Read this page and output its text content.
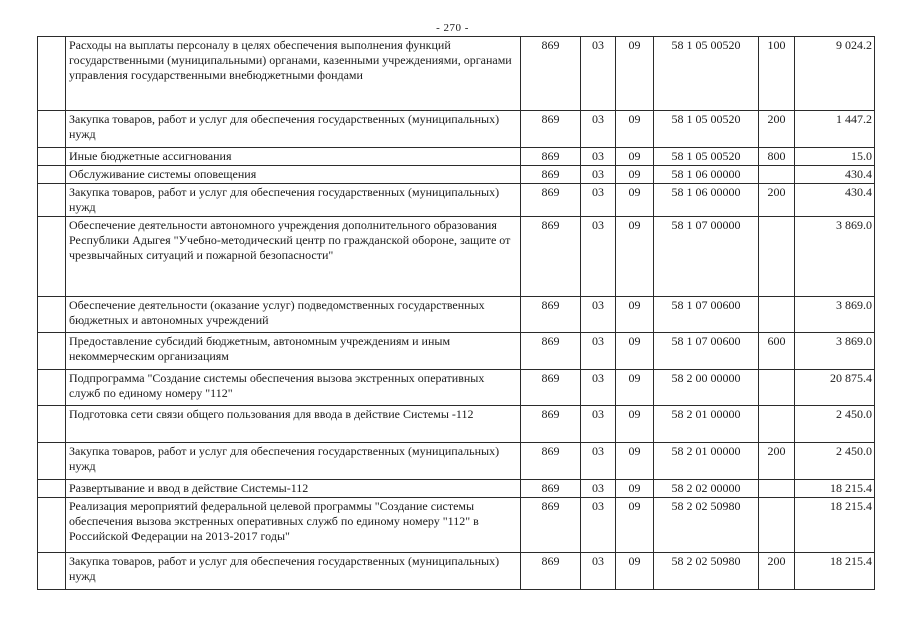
- 270 -
	Расходы на выплаты персоналу в целях обеспечения выполнения функций государственными (муниципальными) органами, казенными учреждениями, органами управления государственными внебюджетными фондами	869	03	09	58 1 05 00520	100	9 024.2
	Закупка товаров, работ и услуг для обеспечения государственных (муниципальных) нужд	869	03	09	58 1 05 00520	200	1 447.2
	Иные бюджетные ассигнования	869	03	09	58 1 05 00520	800	15.0
	Обслуживание системы оповещения	869	03	09	58 1 06 00000		430.4
	Закупка товаров, работ и услуг для обеспечения государственных (муниципальных) нужд	869	03	09	58 1 06 00000	200	430.4
	Обеспечение деятельности автономного учреждения дополнительного образования Республики Адыгея "Учебно-методический центр по гражданской обороне, защите от чрезвычайных ситуаций и пожарной безопасности"	869	03	09	58 1 07 00000		3 869.0
	Обеспечение деятельности (оказание услуг) подведомственных государственных бюджетных и автономных учреждений	869	03	09	58 1 07 00600		3 869.0
	Предоставление субсидий бюджетным, автономным учреждениям и иным некоммерческим организациям	869	03	09	58 1 07 00600	600	3 869.0
	Подпрограмма "Создание системы обеспечения вызова экстренных оперативных служб по единому номеру "112"	869	03	09	58 2 00 00000		20 875.4
	Подготовка сети связи общего пользования для ввода в действие Системы -112	869	03	09	58 2 01 00000		2 450.0
	Закупка товаров, работ и услуг для обеспечения государственных (муниципальных) нужд	869	03	09	58 2 01 00000	200	2 450.0
	Развертывание и ввод в действие Системы-112	869	03	09	58 2 02 00000		18 215.4
	Реализация мероприятий федеральной целевой программы "Создание системы обеспечения вызова экстренных оперативных служб по единому номеру "112" в Российской Федерации на 2013-2017 годы"	869	03	09	58 2 02 50980		18 215.4
	Закупка товаров, работ и услуг для обеспечения государственных (муниципальных) нужд	869	03	09	58 2 02 50980	200	18 215.4
